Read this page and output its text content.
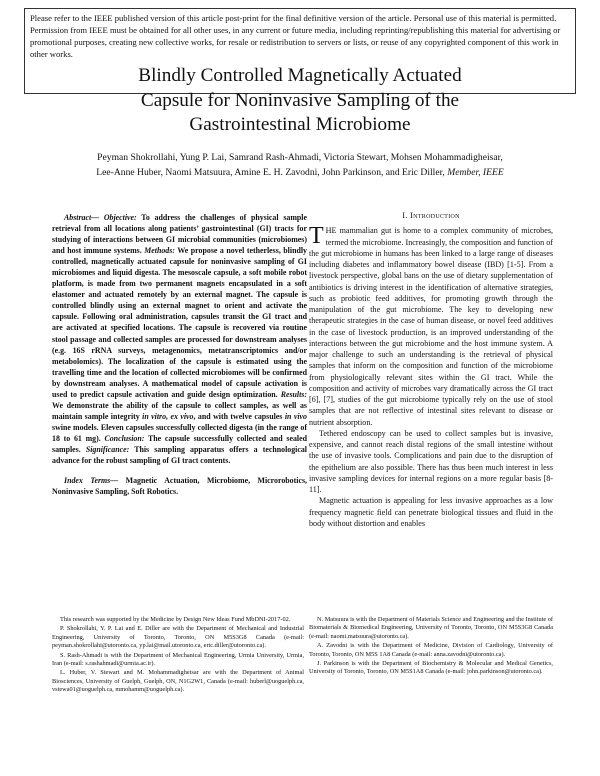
Please refer to the IEEE published version of this article post-print for the final definitive version of the article. Personal use of this material is permitted. Permission from IEEE must be obtained for all other uses, in any current or future media, including reprinting/republishing this material for advertising or promotional purposes, creating new collective works, for resale or redistribution to servers or lists, or reuse of any copyrighted component of this work in other works.
Blindly Controlled Magnetically Actuated
Capsule for Noninvasive Sampling of the
Gastrointestinal Microbiome
Peyman Shokrollahi, Yung P. Lai, Samrand Rash-Ahmadi, Victoria Stewart, Mohsen Mohammadigheisar,
Lee-Anne Huber, Naomi Matsuura, Amine E. H. Zavodni, John Parkinson, and Eric Diller, Member, IEEE

Abstract— Objective: To address the challenges of physical sample retrieval from all locations along patients’ gastrointestinal (GI) tracts for studying of interactions between GI microbial communities (microbiomes) and host immune systems. Methods: We propose a novel tetherless, blindly controlled, magnetically actuated capsule for noninvasive sampling of GI microbiomes and liquid digesta. The mesoscale capsule, a soft mobile robot platform, is made from two permanent magnets encapsulated in a soft elastomer and actuated remotely by an external magnet. The capsule is controlled blindly using an external magnet to orient and activate the capsule. Following oral administration, capsules transit the GI tract and are activated at specified locations. The capsule is recovered via routine stool passage and collected samples are processed for downstream analyses (e.g. 16S rRNA surveys, metagenomics, metatranscriptomics and/or metabolomics). The localization of the capsule is estimated using the travelling time and the location of collected microbiomes will be confirmed by downstream analyses. A mathematical model of capsule activation is used to predict capsule activation and guide design optimization. Results: We demonstrate the ability of the capsule to collect samples, as well as maintain sample integrity in vitro, ex vivo, and with twelve capsules in vivo swine models. Eleven capsules successfully collected digesta (in the range of 18 to 61 mg). Conclusion: The capsule successfully collected and sealed samples. Significance: This sampling apparatus offers a technological advance for the robust sampling of GI tract contents.

Index Terms— Magnetic Actuation, Microbiome, Microrobotics, Noninvasive Sampling, Soft Robotics.

I. Introduction

THE mammalian gut is home to a complex community of microbes, termed the microbiome. Increasingly, the composition and function of the gut microbiome in humans has been linked to a large range of diseases including diabetes and inflammatory bowel disease (IBD) [1-5]. From a livestock perspective, global bans on the use of dietary supplementation of antibiotics is driving interest in the identification of alternative strategies, such as probiotic feed additives, for promoting growth through the manipulation of the gut microbiome. The key to developing new therapeutic strategies in the case of human disease, or novel feed additives in the case of livestock production, is an improved understanding of the interactions between the gut microbiome and the host immune system. A major challenge to such an understanding is the retrieval of physical samples that inform on the composition and function of the microbiome from physiologically relevant sites within the GI tract. While the composition and activity of microbes vary dramatically across the GI tract [6], [7], studies of the gut microbiome typically rely on the use of stool samples that are not reflective of intestinal sites relevant to disease or nutrient absorption.

Tethered endoscopy can be used to collect samples but is invasive, expensive, and cannot reach distal regions of the small intestine without the use of invasive tools. Complications and pain due to the disruption of the epithelium are also possible. There has thus been much interest in less invasive sampling devices for internal regions on a more regular basis [8-11].

Magnetic actuation is appealing for less invasive approaches as a low frequency magnetic field can penetrate biological tissues and fluid in the body without distortion and enables

This research was supported by the Medicine by Design New Ideas Fund MbDNI-2017-02.

P. Shokrollahi, Y. P. Lai and E. Diller are with the Department of Mechanical and Industrial Engineering, University of Toronto, Toronto, ON M5S3G8 Canada (e-mail: peyman.shokrollahi@utoronto.ca, yp.lai@mail.utoronto.ca, eric.diller@utoronto.ca).

S. Rash-Ahmadi is with the Department of Mechanical Engineering, Urmia University, Urmia, Iran (e-mail: s.rashahmadi@urmia.ac.ir).

L. Huber, V. Stewart and M. Mohammadigheisar are with the Department of Animal Biosciences, University of Guelph, Guelph, ON, N1G2W1, Canada (e-mail: huberl@uoguelph.ca, vstewa01@uoguelph.ca, mmohamm@uoguelph.ca).

N. Matsuura is with the Department of Materials Science and Engineering and the Institute of Biomaterials & Biomedical Engineering, University of Toronto, Toronto, ON M5S3G8 Canada (e-mail: naomi.matsuura@utoronto.ca).

A. Zavodni is with the Department of Medicine, Division of Cardiology, University of Toronto, Toronto, ON M5S 1A8 Canada (e-mail: anna.zavodni@utoronto.ca).

J. Parkinson is with the Department of Biochemistry & Molecular and Medical Genetics, University of Toronto, Toronto, ON M5S1A8 Canada (e-mail: john.parkinson@utoronto.ca).
